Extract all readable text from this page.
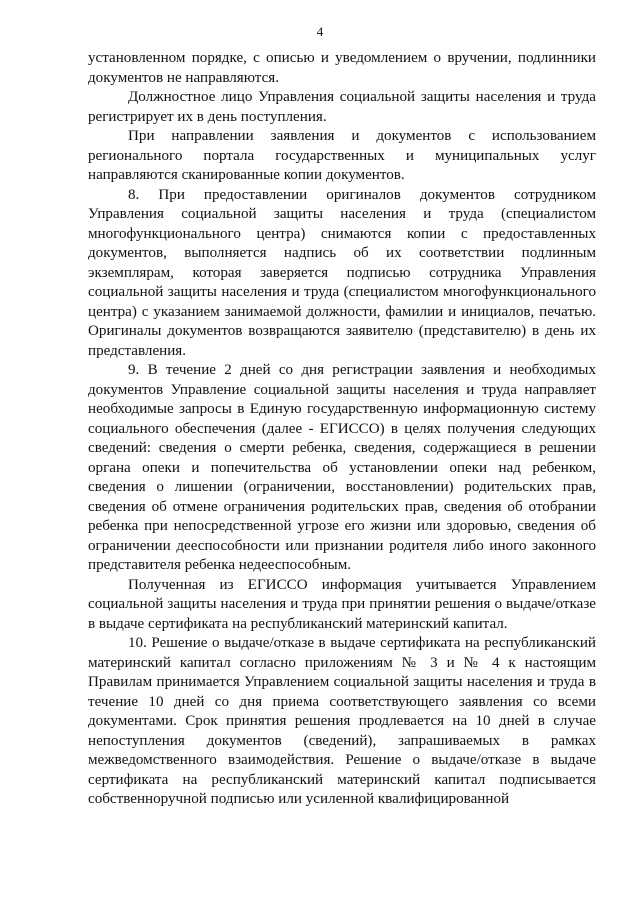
4

установленном порядке, с описью и уведомлением о вручении, подлинники документов не направляются.

Должностное лицо Управления социальной защиты населения и труда регистрирует их в день поступления.

При направлении заявления и документов с использованием регионального портала государственных и муниципальных услуг направляются сканированные копии документов.

8. При предоставлении оригиналов документов сотрудником Управления социальной защиты населения и труда (специалистом многофункционального центра) снимаются копии с предоставленных документов, выполняется надпись об их соответствии подлинным экземплярам, которая заверяется подписью сотрудника Управления социальной защиты населения и труда (специалистом многофункционального центра) с указанием занимаемой должности, фамилии и инициалов, печатью. Оригиналы документов возвращаются заявителю (представителю) в день их представления.

9. В течение 2 дней со дня регистрации заявления и необходимых документов Управление социальной защиты населения и труда направляет необходимые запросы в Единую государственную информационную систему социального обеспечения (далее - ЕГИССО) в целях получения следующих сведений: сведения о смерти ребенка, сведения, содержащиеся в решении органа опеки и попечительства об установлении опеки над ребенком, сведения о лишении (ограничении, восстановлении) родительских прав, сведения об отмене ограничения родительских прав, сведения об отобрании ребенка при непосредственной угрозе его жизни или здоровью, сведения об ограничении дееспособности или признании родителя либо иного законного представителя ребенка недееспособным.

Полученная из ЕГИССО информация учитывается Управлением социальной защиты населения и труда при принятии решения о выдаче/отказе в выдаче сертификата на республиканский материнский капитал.

10. Решение о выдаче/отказе в выдаче сертификата на республиканский материнский капитал согласно приложениям № 3 и № 4 к настоящим Правилам принимается Управлением социальной защиты населения и труда в течение 10 дней со дня приема соответствующего заявления со всеми документами. Срок принятия решения продлевается на 10 дней в случае непоступления документов (сведений), запрашиваемых в рамках межведомственного взаимодействия. Решение о выдаче/отказе в выдаче сертификата на республиканский материнский капитал подписывается собственноручной подписью или усиленной квалифицированной
